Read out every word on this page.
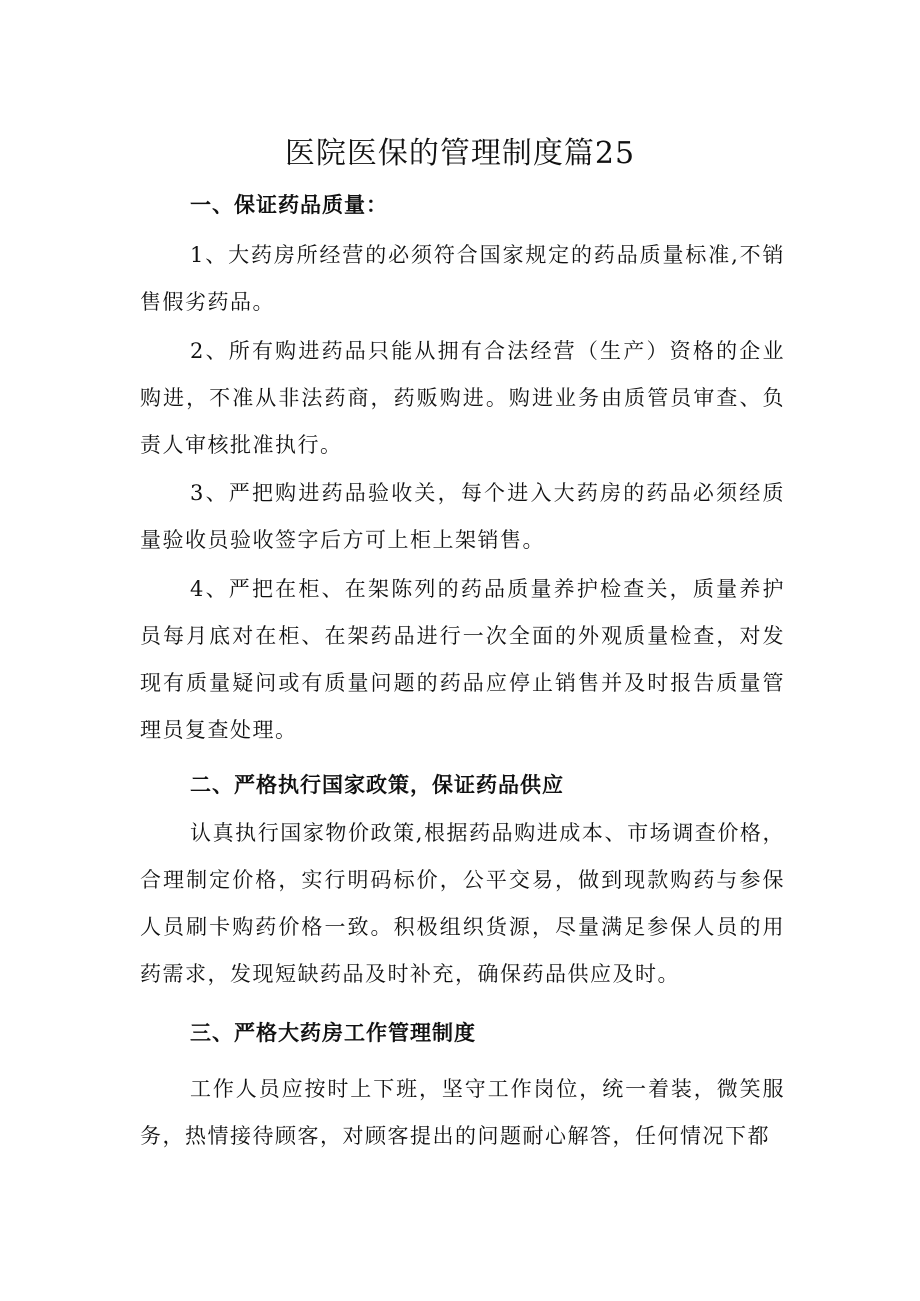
医院医保的管理制度篇25
一、保证药品质量：

1、大药房所经营的必须符合国家规定的药品质量标准,不销售假劣药品。

2、所有购进药品只能从拥有合法经营（生产）资格的企业购进，不准从非法药商，药贩购进。购进业务由质管员审查、负责人审核批准执行。

3、严把购进药品验收关，每个进入大药房的药品必须经质量验收员验收签字后方可上柜上架销售。

4、严把在柜、在架陈列的药品质量养护检查关，质量养护员每月底对在柜、在架药品进行一次全面的外观质量检查，对发现有质量疑问或有质量问题的药品应停止销售并及时报告质量管理员复查处理。

二、严格执行国家政策，保证药品供应

认真执行国家物价政策,根据药品购进成本、市场调查价格，合理制定价格，实行明码标价，公平交易，做到现款购药与参保人员刷卡购药价格一致。积极组织货源，尽量满足参保人员的用药需求，发现短缺药品及时补充，确保药品供应及时。

三、严格大药房工作管理制度

工作人员应按时上下班，坚守工作岗位，统一着装，微笑服务，热情接待顾客，对顾客提出的问题耐心解答，任何情况下都
